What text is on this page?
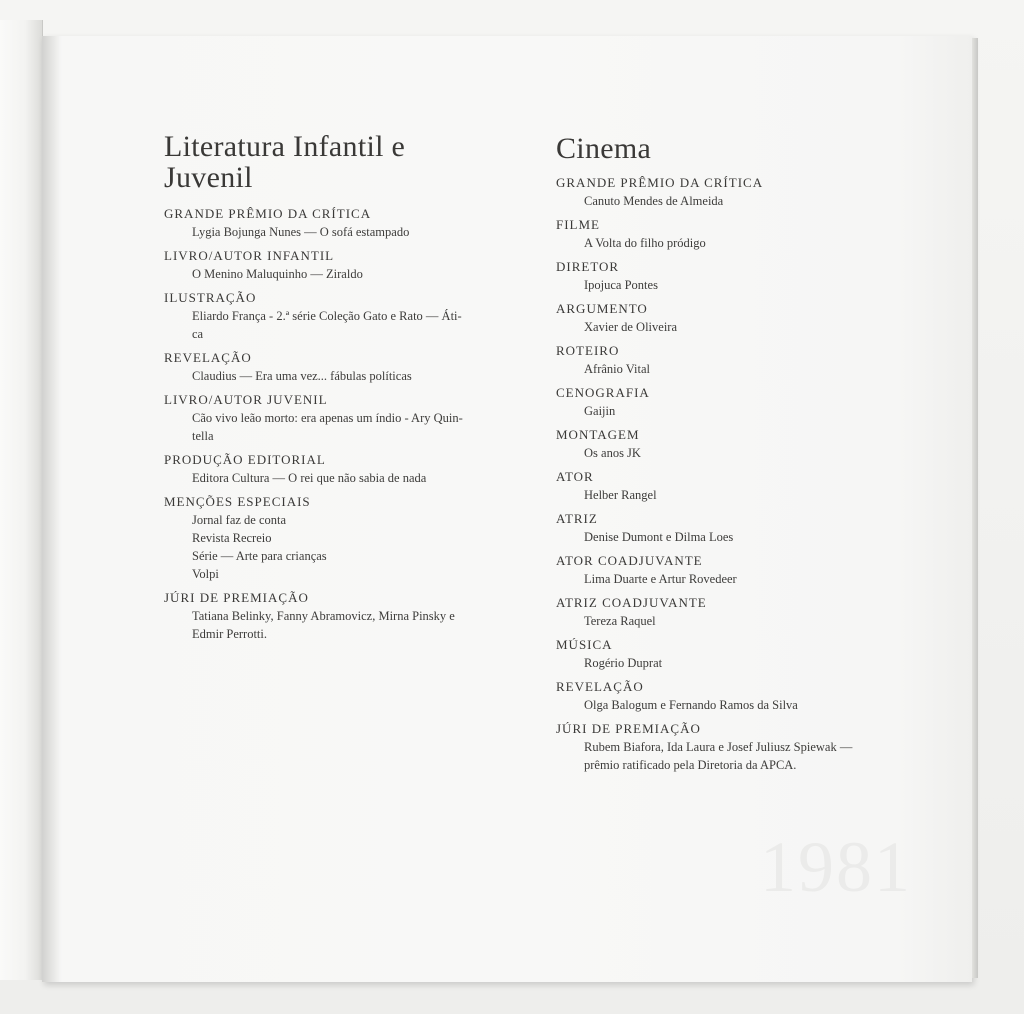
Literatura Infantil e Juvenil
GRANDE PRÊMIO DA CRÍTICA
Lygia Bojunga Nunes — O sofá estampado
LIVRO/AUTOR INFANTIL
O Menino Maluquinho — Ziraldo
ILUSTRAÇÃO
Eliardo França - 2.ª série Coleção Gato e Rato — Áti-
ca
REVELAÇÃO
Claudius — Era uma vez... fábulas políticas
LIVRO/AUTOR JUVENIL
Cão vivo leão morto: era apenas um índio - Ary Quin-
tella
PRODUÇÃO EDITORIAL
Editora Cultura — O rei que não sabia de nada
MENÇÕES ESPECIAIS
Jornal faz de conta
Revista Recreio
Série — Arte para crianças
Volpi
JÚRI DE PREMIAÇÃO
Tatiana Belinky, Fanny Abramovicz, Mirna Pinsky e
Edmir Perrotti.
Cinema
GRANDE PRÊMIO DA CRÍTICA
Canuto Mendes de Almeida
FILME
A Volta do filho pródigo
DIRETOR
Ipojuca Pontes
ARGUMENTO
Xavier de Oliveira
ROTEIRO
Afrânio Vital
CENOGRAFIA
Gaijin
MONTAGEM
Os anos JK
ATOR
Helber Rangel
ATRIZ
Denise Dumont e Dilma Loes
ATOR COADJUVANTE
Lima Duarte e Artur Rovedeer
ATRIZ COADJUVANTE
Tereza Raquel
MÚSICA
Rogério Duprat
REVELAÇÃO
Olga Balogum e Fernando Ramos da Silva
JÚRI DE PREMIAÇÃO
Rubem Biafora, Ida Laura e Josef Juliusz Spiewak —
prêmio ratificado pela Diretoria da APCA.
1981
